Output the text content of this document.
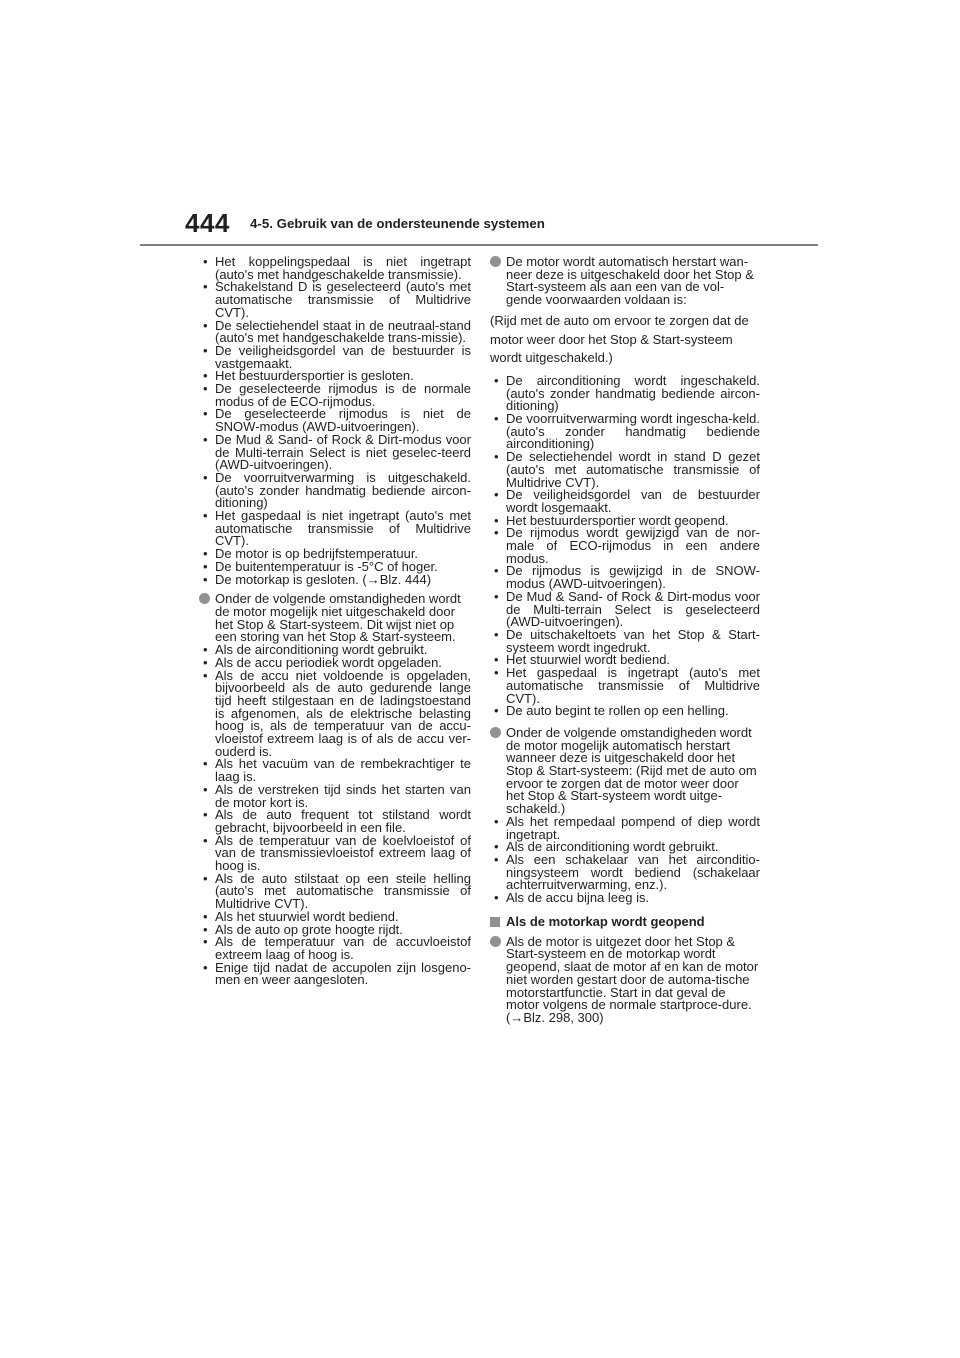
444 4-5. Gebruik van de ondersteunende systemen
• Het koppelingspedaal is niet ingetrapt (auto's met handgeschakelde transmissie).
• Schakelstand D is geselecteerd (auto's met automatische transmissie of Multidrive CVT).
• De selectiehendel staat in de neutraal-stand (auto's met handgeschakelde trans-missie).
• De veiligheidsgordel van de bestuurder is vastgemaakt.
• Het bestuurdersportier is gesloten.
• De geselecteerde rijmodus is de normale modus of de ECO-rijmodus.
• De geselecteerde rijmodus is niet de SNOW-modus (AWD-uitvoeringen).
• De Mud & Sand- of Rock & Dirt-modus voor de Multi-terrain Select is niet geselec-teerd (AWD-uitvoeringen).
• De voorruitverwarming is uitgeschakeld. (auto's zonder handmatig bediende aircon-ditioning)
• Het gaspedaal is niet ingetrapt (auto's met automatische transmissie of Multidrive CVT).
• De motor is op bedrijfstemperatuur.
• De buitentemperatuur is -5°C of hoger.
• De motorkap is gesloten. (→Blz. 444)
Onder de volgende omstandigheden wordt de motor mogelijk niet uitgeschakeld door het Stop & Start-systeem. Dit wijst niet op een storing van het Stop & Start-systeem.
• Als de airconditioning wordt gebruikt.
• Als de accu periodiek wordt opgeladen.
• Als de accu niet voldoende is opgeladen, bijvoorbeeld als de auto gedurende lange tijd heeft stilgestaan en de ladingstoestand is afgenomen, als de elektrische belasting hoog is, als de temperatuur van de accu-vloeistof extreem laag is of als de accu ver-ouderd is.
• Als het vacuüm van de rembekrachtiger te laag is.
• Als de verstreken tijd sinds het starten van de motor kort is.
• Als de auto frequent tot stilstand wordt gebracht, bijvoorbeeld in een file.
• Als de temperatuur van de koelvloeistof of van de transmissievloeistof extreem laag of hoog is.
• Als de auto stilstaat op een steile helling (auto's met automatische transmissie of Multidrive CVT).
• Als het stuurwiel wordt bediend.
• Als de auto op grote hoogte rijdt.
• Als de temperatuur van de accuvloeistof extreem laag of hoog is.
• Enige tijd nadat de accupolen zijn losgeno-men en weer aangesloten.
De motor wordt automatisch herstart wan-neer deze is uitgeschakeld door het Stop & Start-systeem als aan een van de vol-gende voorwaarden voldaan is:
(Rijd met de auto om ervoor te zorgen dat de
motor weer door het Stop & Start-systeem
wordt uitgeschakeld.)
• De airconditioning wordt ingeschakeld. (auto's zonder handmatig bediende aircon-ditioning)
• De voorruitverwarming wordt ingescha-keld. (auto's zonder handmatig bediende airconditioning)
• De selectiehendel wordt in stand D gezet (auto's met automatische transmissie of Multidrive CVT).
• De veiligheidsgordel van de bestuurder wordt losgemaakt.
• Het bestuurdersportier wordt geopend.
• De rijmodus wordt gewijzigd van de nor-male of ECO-rijmodus in een andere modus.
• De rijmodus is gewijzigd in de SNOW-modus (AWD-uitvoeringen).
• De Mud & Sand- of Rock & Dirt-modus voor de Multi-terrain Select is geselecteerd (AWD-uitvoeringen).
• De uitschakeltoets van het Stop & Start-systeem wordt ingedrukt.
• Het stuurwiel wordt bediend.
• Het gaspedaal is ingetrapt (auto's met automatische transmissie of Multidrive CVT).
• De auto begint te rollen op een helling.
Onder de volgende omstandigheden wordt de motor mogelijk automatisch herstart wanneer deze is uitgeschakeld door het Stop & Start-systeem: (Rijd met de auto om ervoor te zorgen dat de motor weer door het Stop & Start-systeem wordt uitge-schakeld.)
• Als het rempedaal pompend of diep wordt ingetrapt.
• Als de airconditioning wordt gebruikt.
• Als een schakelaar van het airconditio-ningsysteem wordt bediend (schakelaar achterruitverwarming, enz.).
• Als de accu bijna leeg is.
Als de motorkap wordt geopend
Als de motor is uitgezet door het Stop & Start-systeem en de motorkap wordt geopend, slaat de motor af en kan de motor niet worden gestart door de automa-tische motorstartfunctie. Start in dat geval de motor volgens de normale startproce-dure. (→Blz. 298, 300)
